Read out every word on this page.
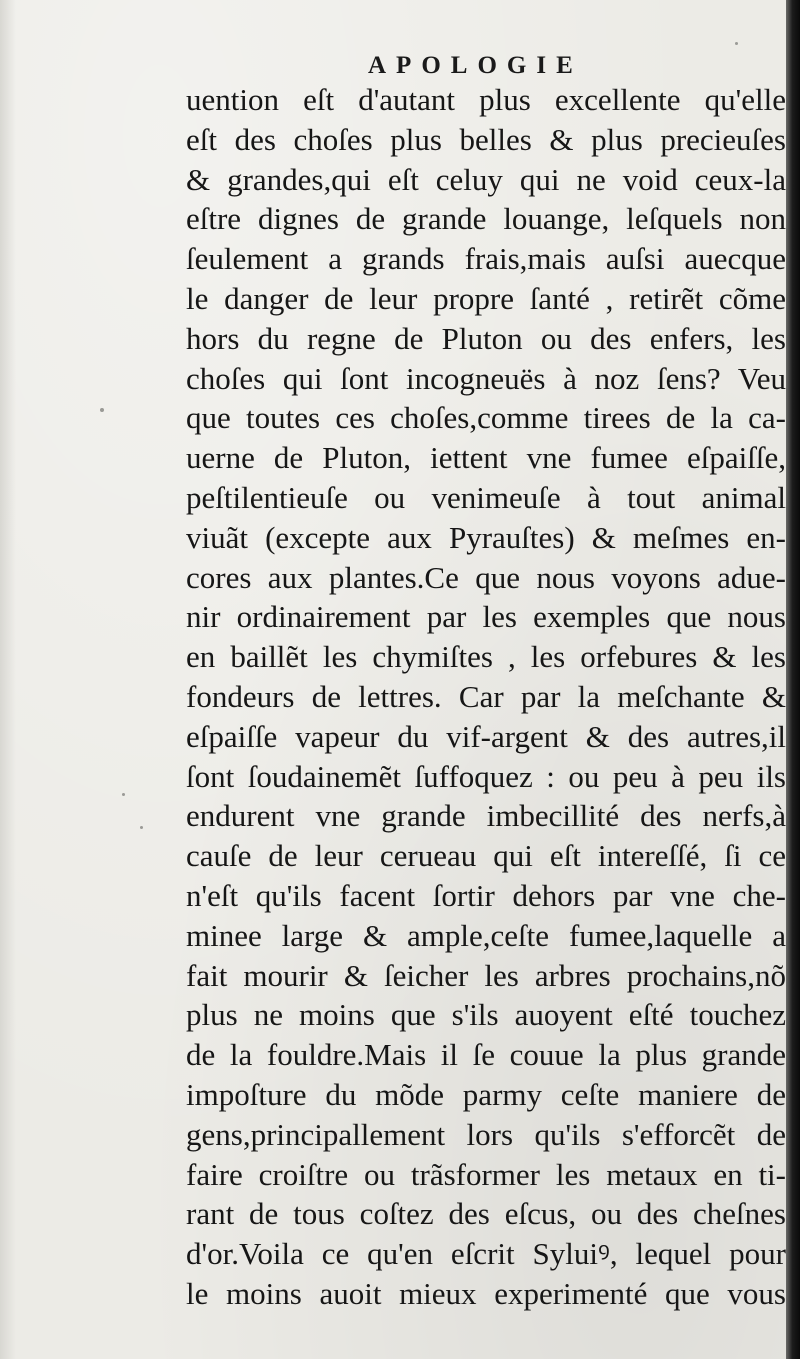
APOLOGIE
uention eſt d'autant plus excellente qu'elle
eſt des choſes plus belles & plus precieuſes
& grandes,qui eſt celuy qui ne void ceux-la
eſtre dignes de grande louange, leſquels non
ſeulement a grands frais,mais auſsi auecque
le danger de leur propre ſanté , retirẽt cõme
hors du regne de Pluton ou des enfers, les
choſes qui ſont incogneuës à noz ſens? Veu
que toutes ces choſes,comme tirees de la ca-
uerne de Pluton, iettent vne fumee eſpaiſſe,
peſtilentieuſe ou venimeuſe à tout animal
viuãt (excepte aux Pyrauſtes) & meſmes en-
cores aux plantes.Ce que nous voyons adue-
nir ordinairement par les exemples que nous
en baillẽt les chymiſtes , les orfebures & les
fondeurs de lettres. Car par la meſchante &
eſpaiſſe vapeur du vif-argent & des autres,il
ſont ſoudainemẽt ſuffoquez : ou peu à peu ils
endurent vne grande imbecillité des nerfs,à
cauſe de leur cerueau qui eſt intereſſé, ſi ce
n'eſt qu'ils facent ſortir dehors par vne che-
minee large & ample,ceſte fumee,laquelle a
fait mourir & ſeicher les arbres prochains,nõ
plus ne moins que s'ils auoyent eſté touchez
de la fouldre.Mais il ſe couue la plus grande
impoſture du mõde parmy ceſte maniere de
gens,principallement lors qu'ils s'efforcẽt de
faire croiſtre ou trãsformer les metaux en ti-
rant de tous coſtez des eſcus, ou des cheſnes
d'or.Voila ce qu'en eſcrit Syluiꝰ, lequel pour
le moins auoit mieux experimenté que vous
